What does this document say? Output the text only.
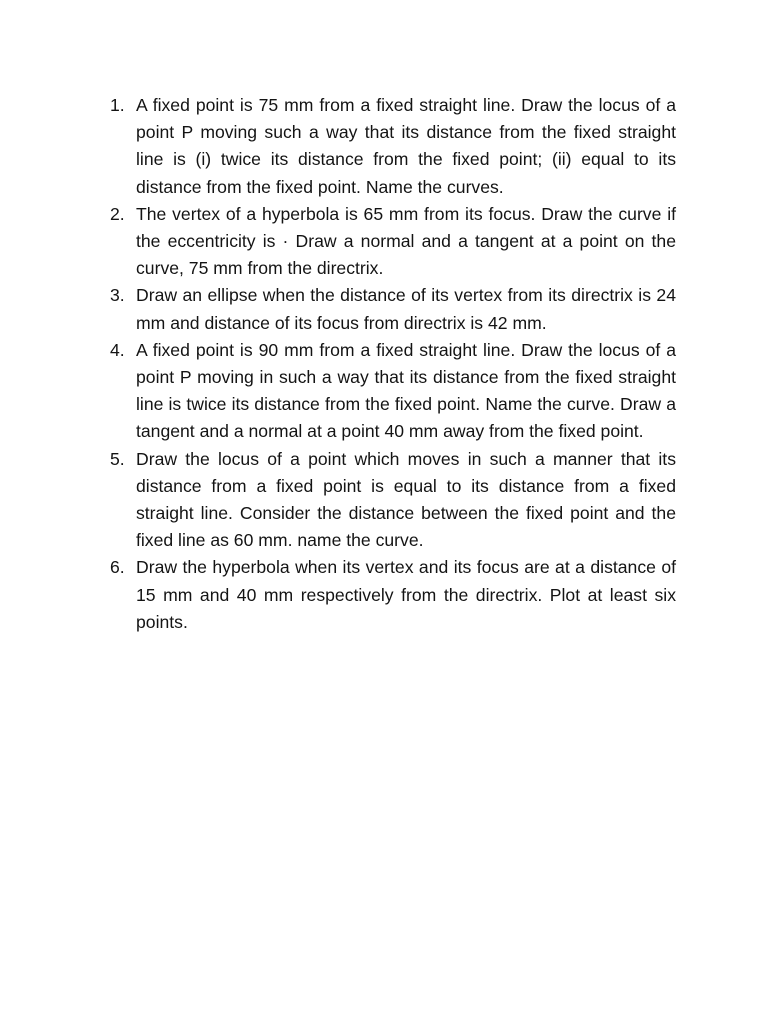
1. A fixed point is 75 mm from a fixed straight line. Draw the locus of a point P moving such a way that its distance from the fixed straight line is (i) twice its distance from the fixed point; (ii) equal to its distance from the fixed point. Name the curves.
2. The vertex of a hyperbola is 65 mm from its focus. Draw the curve if the eccentricity is · Draw a normal and a tangent at a point on the curve, 75 mm from the directrix.
3. Draw an ellipse when the distance of its vertex from its directrix is 24 mm and distance of its focus from directrix is 42 mm.
4. A fixed point is 90 mm from a fixed straight line. Draw the locus of a point P moving in such a way that its distance from the fixed straight line is twice its distance from the fixed point. Name the curve. Draw a tangent and a normal at a point 40 mm away from the fixed point.
5. Draw the locus of a point which moves in such a manner that its distance from a fixed point is equal to its distance from a fixed straight line. Consider the distance between the fixed point and the fixed line as 60 mm. name the curve.
6. Draw the hyperbola when its vertex and its focus are at a distance of 15 mm and 40 mm respectively from the directrix. Plot at least six points.
